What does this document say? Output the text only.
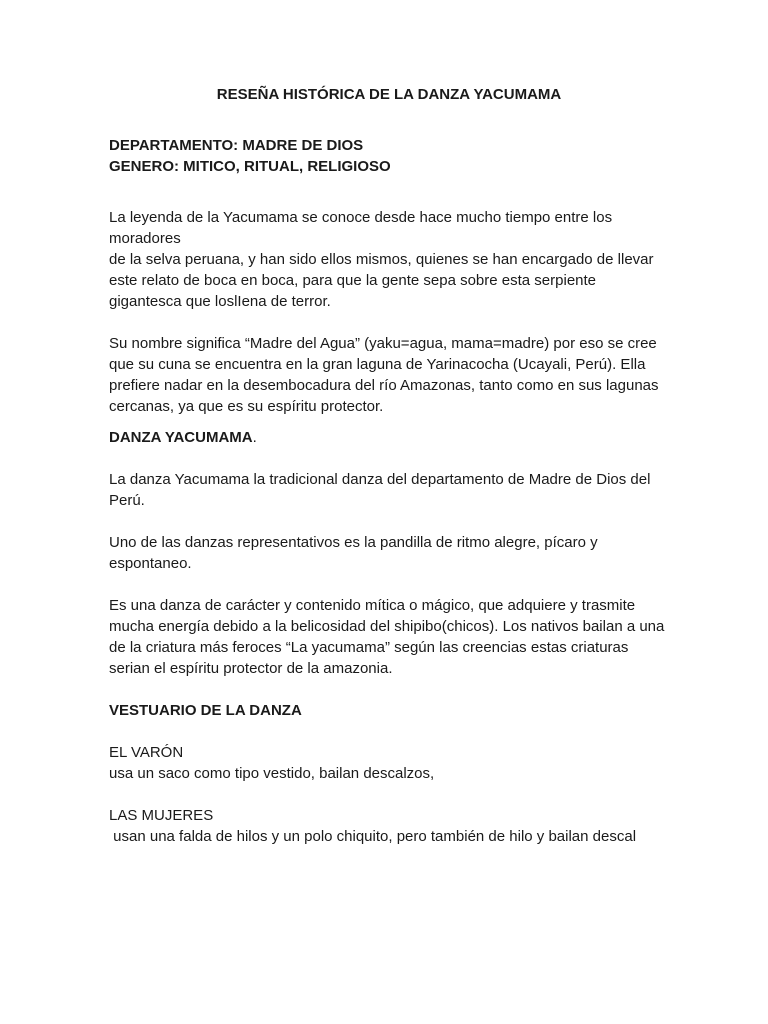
RESEÑA HISTÓRICA DE LA DANZA YACUMAMA

DEPARTAMENTO: MADRE DE DIOS

GENERO: MITICO, RITUAL, RELIGIOSO

La leyenda de la Yacumama se conoce desde hace mucho tiempo entre los

moradores

de la selva peruana, y han sido ellos mismos, quienes se han encargado de llevar

este relato de boca en boca, para que la gente sepa sobre esta serpiente

gigantesca que loslIena de terror.

Su nombre significa “Madre del Agua” (yaku=agua, mama=madre) por eso se cree

que su cuna se encuentra en la gran laguna de Yarinacocha (Ucayali, Perú). Ella

prefiere nadar en la desembocadura del río Amazonas, tanto como en sus lagunas

cercanas, ya que es su espíritu protector.

DANZA YACUMAMA.

La danza Yacumama la tradicional danza del departamento de Madre de Dios del

Perú.

Uno de las danzas representativos es la pandilla de ritmo alegre, pícaro y

espontaneo.

Es una danza de carácter y contenido mítica o mágico, que adquiere y trasmite

mucha energía debido a la belicosidad del shipibo(chicos). Los nativos bailan a una

de la criatura más feroces “La yacumama” según las creencias estas criaturas

serian el espíritu protector de la amazonia.

VESTUARIO DE LA DANZA

EL VARÓN

usa un saco como tipo vestido, bailan descalzos,

LAS MUJERES

usan una falda de hilos y un polo chiquito, pero también de hilo y bailan descal
